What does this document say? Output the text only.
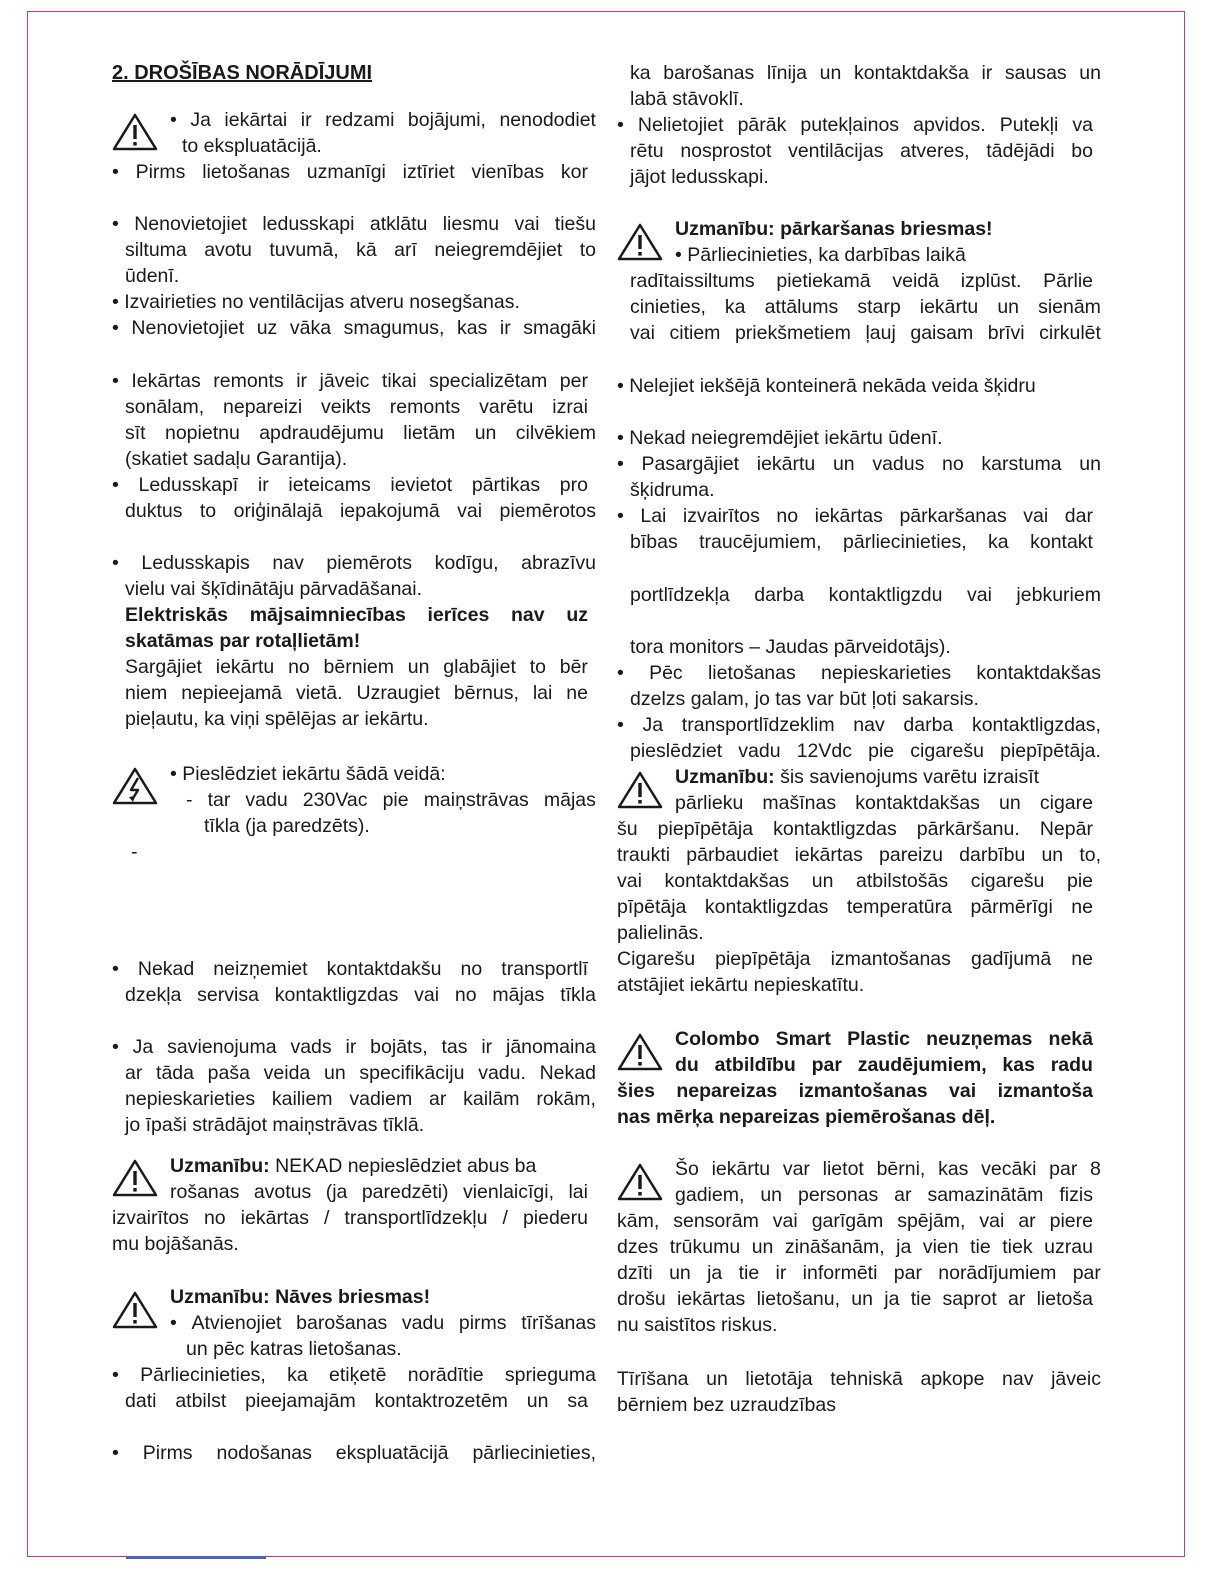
2. DROŠĪBAS NORĀDĪJUMI
• Ja iekārtai ir redzami bojājumi, nenododiet
to ekspluatācijā.
• Pirms lietošanas uzmanīgi iztīriet vienības kor
• Nenovietojiet ledusskapi atklātu liesmu vai tiešu
siltuma avotu tuvumā, kā arī neiegremdējiet to
ūdenī.
• Izvairieties no ventilācijas atveru nosegšanas.
• Nenovietojiet uz vāka smagumus, kas ir smagāki
• Iekārtas remonts ir jāveic tikai specializētam per
sonālam, nepareizi veikts remonts varētu izrai
sīt nopietnu apdraudējumu lietām un cilvēkiem
(skatiet sadaļu Garantija).
• Ledusskapī ir ieteicams ievietot pārtikas pro
duktus to oriģinālajā iepakojumā vai piemērotos
• Ledusskapis nav piemērots kodīgu, abrazīvu
vielu vai šķīdinātāju pārvadāšanai.
Elektriskās mājsaimniecības ierīces nav uz
skatāmas par rotaļlietām!
Sargājiet iekārtu no bērniem un glabājiet to bēr
niem nepieejamā vietā. Uzraugiet bērnus, lai ne
pieļautu, ka viņi spēlējas ar iekārtu.
• Pieslēdziet iekārtu šādā veidā:
- tar vadu 230Vac pie maiņstrāvas mājas
tīkla (ja paredzēts).
-
• Nekad neizņemiet kontaktdakšu no transportlī
dzekļa servisa kontaktligzdas vai no mājas tīkla
• Ja savienojuma vads ir bojāts, tas ir jānomaina
ar tāda paša veida un specifikāciju vadu. Nekad
nepieskarieties kailiem vadiem ar kailām rokām,
jo īpaši strādājot maiņstrāvas tīklā.
Uzmanību: NEKAD nepieslēdziet abus ba
rošanas avotus (ja paredzēti) vienlaicīgi, lai
izvairītos no iekārtas / transportlīdzekļu / piederu
mu bojāšanās.
Uzmanību: Nāves briesmas!
• Atvienojiet barošanas vadu pirms tīrīšanas
un pēc katras lietošanas.
• Pārliecinieties, ka etiķetē norādītie sprieguma
dati atbilst pieejamajām kontaktrozetēm un sa
• Pirms nodošanas ekspluatācijā pārliecinieties,
ka barošanas līnija un kontaktdakša ir sausas un
labā stāvoklī.
• Nelietojiet pārāk putekļainos apvidos. Putekļi va
rētu nosprostot ventilācijas atveres, tādējādi bo
jājot ledusskapi.
Uzmanību: pārkaršanas briesmas!
• Pārliecinieties, ka darbības laikā
radītaissiltums pietiekamā veidā izplūst. Pārlie
cinieties, ka attālums starp iekārtu un sienām
vai citiem priekšmetiem ļauj gaisam brīvi cirkulēt
• Nelejiet iekšējā konteinerā nekāda veida šķidru
• Nekad neiegremdējiet iekārtu ūdenī.
• Pasargājiet iekārtu un vadus no karstuma un
šķidruma.
• Lai izvairītos no iekārtas pārkaršanas vai dar
bības traucējumiem, pārliecinieties, ka kontakt
portlīdzekļa darba kontaktligzdu vai jebkuriem
tora monitors – Jaudas pārveidotājs).
• Pēc lietošanas nepieskarieties kontaktdakšas
dzelzs galam, jo tas var būt ļoti sakarsis.
• Ja transportlīdzeklim nav darba kontaktligzdas,
pieslēdziet vadu 12Vdc pie cigarešu piepīpētāja.
Uzmanību: šis savienojums varētu izraisīt
pārlieku mašīnas kontaktdakšas un cigare
šu piepīpētāja kontaktligzdas pārkāršanu. Nepār
traukti pārbaudiet iekārtas pareizu darbību un to,
vai kontaktdakšas un atbilstošās cigarešu pie
pīpētāja kontaktligzdas temperatūra pārmērīgi ne
palielinās.
Cigarešu piepīpētāja izmantošanas gadījumā ne
atstājiet iekārtu nepieskatītu.
Colombo Smart Plastic neuzņemas nekā
du atbildību par zaudējumiem, kas radu
šies nepareizas izmantošanas vai izmantoša
nas mērķa nepareizas piemērošanas dēļ.
Šo iekārtu var lietot bērni, kas vecāki par 8
gadiem, un personas ar samazinātām fizis
kām, sensorām vai garīgām spējām, vai ar piere
dzes trūkumu un zināšanām, ja vien tie tiek uzrau
dzīti un ja tie ir informēti par norādījumiem par
drošu iekārtas lietošanu, un ja tie saprot ar lietoša
nu saistītos riskus.
Tīrīšana un lietotāja tehniskā apkope nav jāveic
bērniem bez uzraudzības
